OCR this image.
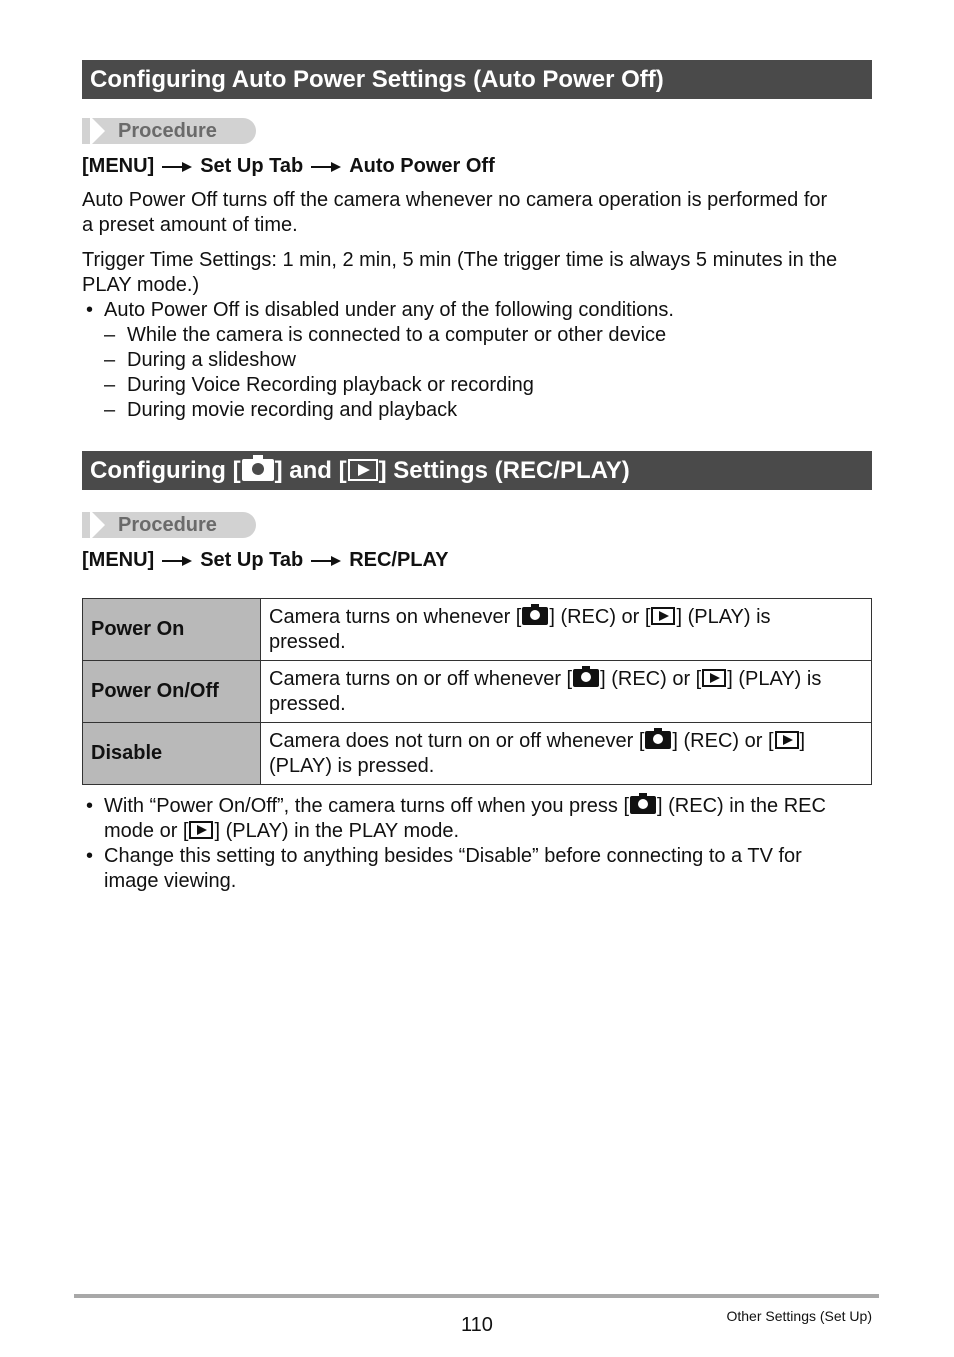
Configuring Auto Power Settings (Auto Power Off)
Procedure
[MENU] Set Up Tab Auto Power Off
Auto Power Off turns off the camera whenever no camera operation is performed for
a preset amount of time.
Trigger Time Settings: 1 min, 2 min, 5 min (The trigger time is always 5 minutes in the
PLAY mode.)
• Auto Power Off is disabled under any of the following conditions.
– While the camera is connected to a computer or other device
– During a slideshow
– During Voice Recording playback or recording
– During movie recording and playback
Configuring [ ] and [ ] Settings (REC/PLAY)
Procedure
[MENU] Set Up Tab REC/PLAY
Power On	Camera turns on whenever [ ] (REC) or [ ] (PLAY) is
pressed.

Power On/Off	Camera turns on or off whenever [ ] (REC) or [ ] (PLAY) is
pressed.

Disable	Camera does not turn on or off whenever [ ] (REC) or [ ]
(PLAY) is pressed.
• With “Power On/Off”, the camera turns off when you press [ ] (REC) in the REC
mode or [ ] (PLAY) in the PLAY mode.
• Change this setting to anything besides “Disable” before connecting to a TV for
image viewing.
110	Other Settings (Set Up)
